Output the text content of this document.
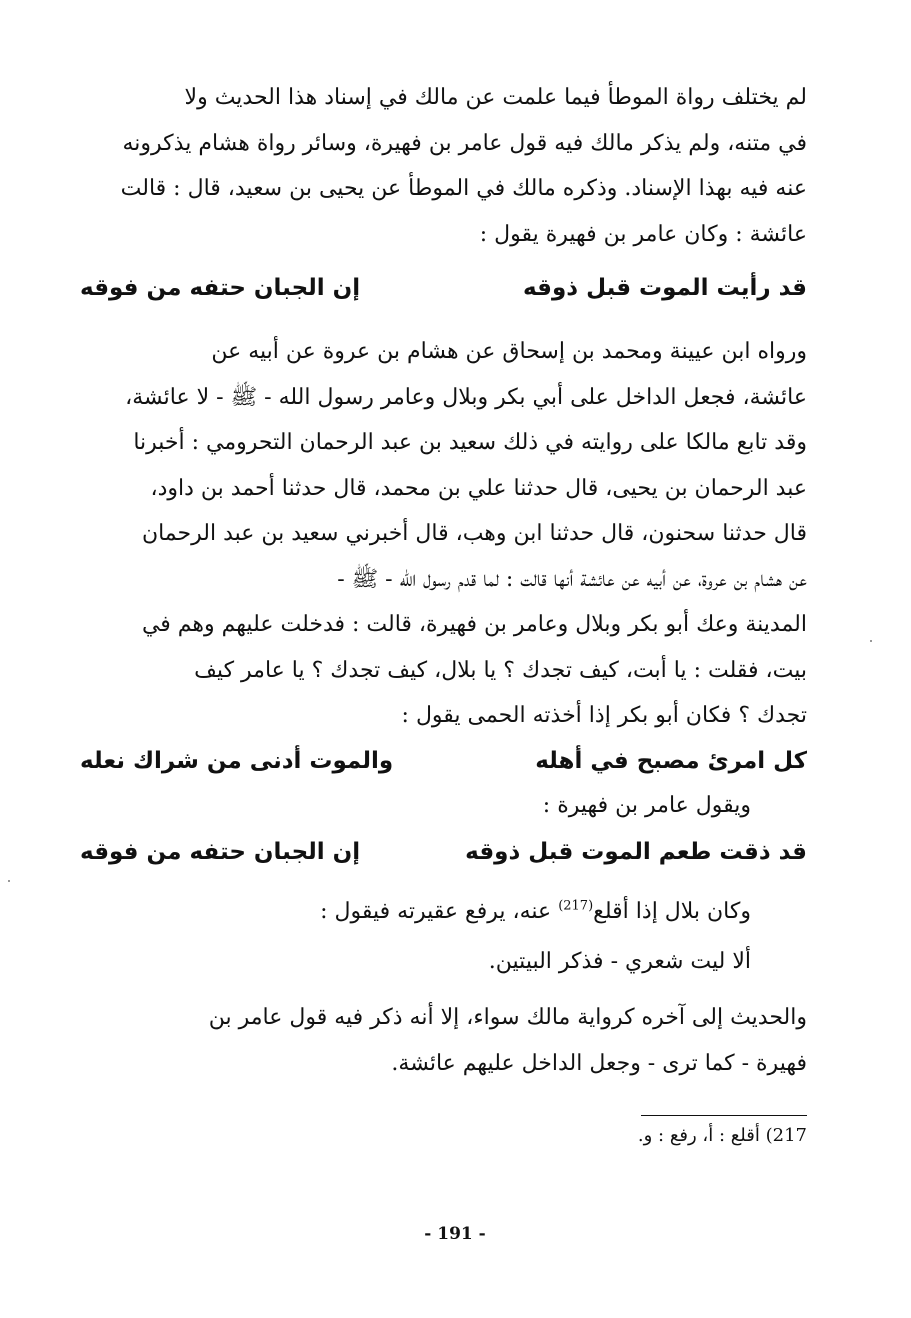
لم يختلف رواة الموطأ فيما علمت عن مالك في إسناد هذا الحديث ولا
في متنه، ولم يذكر مالك فيه قول عامر بن فهيرة، وسائر رواة هشام يذكرونه
عنه فيه بهذا الإسناد. وذكره مالك في الموطأ عن يحيى بن سعيد، قال : قالت
عائشة : وكان عامر بن فهيرة يقول :
قد رأيت الموت قبل ذوقه
إن الجبان حتفه من فوقه
ورواه ابن عيينة ومحمد بن إسحاق عن هشام بن عروة عن أبيه عن
عائشة، فجعل الداخل على أبي بكر وبلال وعامر رسول الله - ﷺ - لا عائشة،
وقد تابع مالكا على روايته في ذلك سعيد بن عبد الرحمان التحرومي : أخبرنا
عبد الرحمان بن يحيى، قال حدثنا علي بن محمد، قال حدثنا أحمد بن داود،
قال حدثنا سحنون، قال حدثنا ابن وهب، قال أخبرني سعيد بن عبد الرحمان
عن هشام بن عروة، عن أبيه عن عائشة أنها قالت : لما قدم رسول الله - ﷺ -
المدينة وعك أبو بكر وبلال وعامر بن فهيرة، قالت : فدخلت عليهم وهم في
بيت، فقلت : يا أبت، كيف تجدك ؟ يا بلال، كيف تجدك ؟ يا عامر كيف
تجدك ؟ فكان أبو بكر إذا أخذته الحمى يقول :
كل امرئ مصبح في أهله
والموت أدنى من شراك نعله
ويقول عامر بن فهيرة :
قد ذقت طعم الموت قبل ذوقه
إن الجبان حتفه من فوقه
وكان بلال إذا أقلع$^{(217)}$ عنه، يرفع عقيرته فيقول :
ألا ليت شعري - فذكر البيتين.
والحديث إلى آخره كرواية مالك سواء، إلا أنه ذكر فيه قول عامر بن
فهيرة - كما ترى - وجعل الداخل عليهم عائشة.
217) أقلع : أ، رفع : و.
- 191 -
